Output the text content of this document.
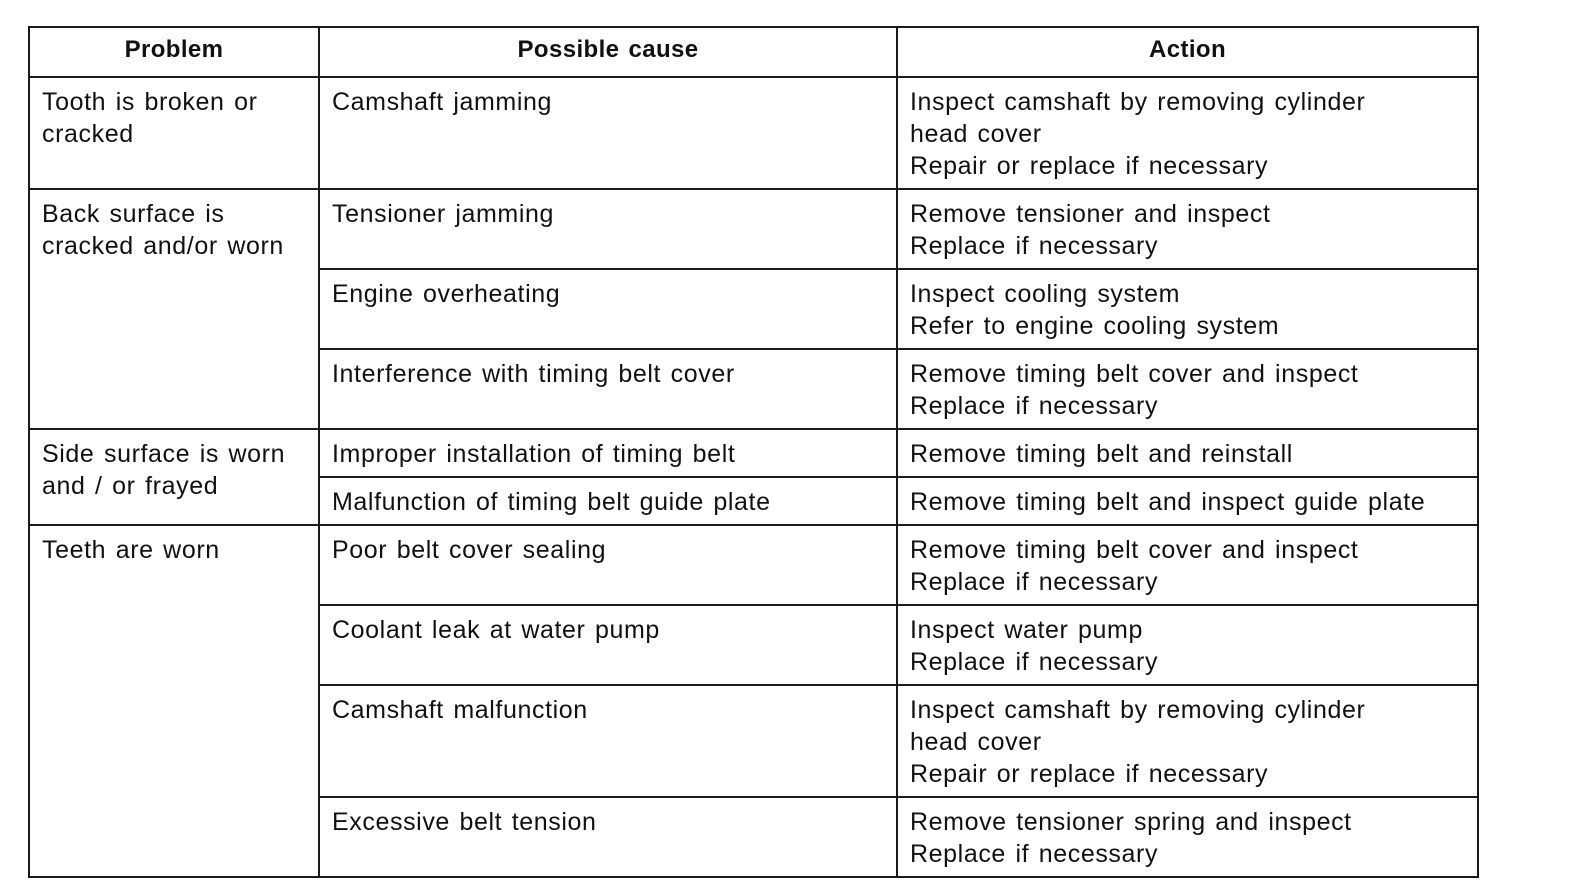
Problem	Possible cause	Action

Tooth is broken or
cracked	Camshaft jamming	Inspect camshaft by removing cylinder
head cover
Repair or replace if necessary

Back surface is
cracked and/or worn	Tensioner jamming	Remove tensioner and inspect
Replace if necessary

	Engine overheating	Inspect cooling system
Refer to engine cooling system

	Interference with timing belt cover	Remove timing belt cover and inspect
Replace if necessary

Side surface is worn
and / or frayed	Improper installation of timing belt	Remove timing belt and reinstall

	Malfunction of timing belt guide plate	Remove timing belt and inspect guide plate

Teeth are worn	Poor belt cover sealing	Remove timing belt cover and inspect
Replace if necessary

	Coolant leak at water pump	Inspect water pump
Replace if necessary

	Camshaft malfunction	Inspect camshaft by removing cylinder
head cover
Repair or replace if necessary

	Excessive belt tension	Remove tensioner spring and inspect
Replace if necessary
